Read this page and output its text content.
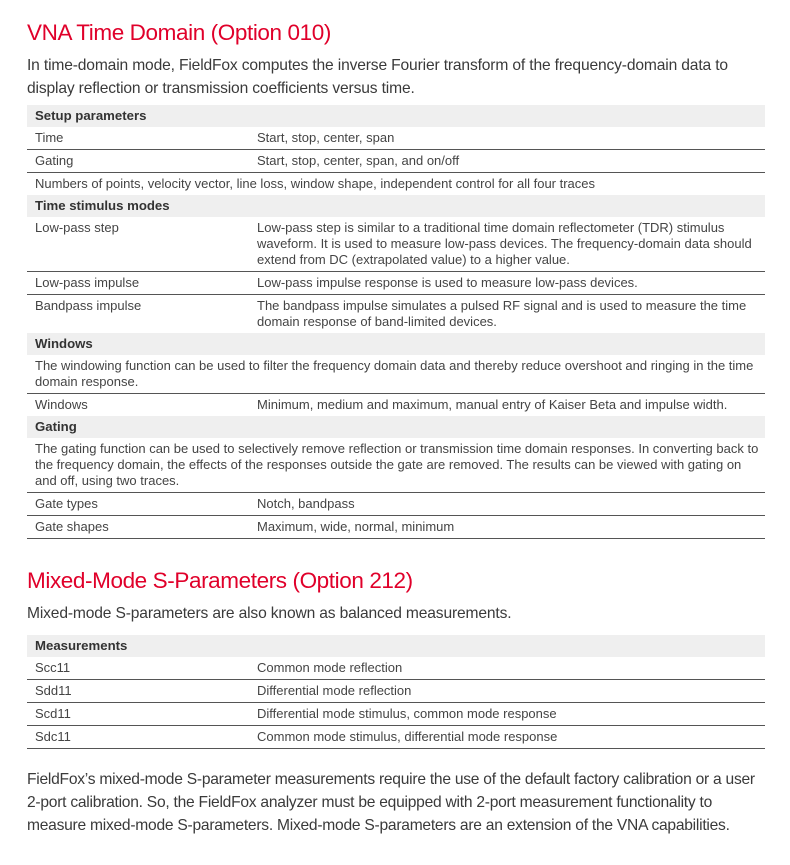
VNA Time Domain (Option 010)

In time-domain mode, FieldFox computes the inverse Fourier transform of the frequency-domain data to display reflection or transmission coefficients versus time.

Setup parameters	
Time	Start, stop, center, span
Gating	Start, stop, center, span, and on/off
Numbers of points, velocity vector, line loss, window shape, independent control for all four traces	
Time stimulus modes	
Low-pass step	Low-pass step is similar to a traditional time domain reflectometer (TDR) stimulus waveform. It is used to measure low-pass devices. The frequency-domain data should extend from DC (extrapolated value) to a higher value.
Low-pass impulse	Low-pass impulse response is used to measure low-pass devices.
Bandpass impulse	The bandpass impulse simulates a pulsed RF signal and is used to measure the time domain response of band-limited devices.
Windows	
The windowing function can be used to filter the frequency domain data and thereby reduce overshoot and ringing in the time domain response.	
Windows	Minimum, medium and maximum, manual entry of Kaiser Beta and impulse width.
Gating	
The gating function can be used to selectively remove reflection or transmission time domain responses. In converting back to the frequency domain, the effects of the responses outside the gate are removed. The results can be viewed with gating on and off, using two traces.	
Gate types	Notch, bandpass
Gate shapes	Maximum, wide, normal, minimum
Mixed-Mode S-Parameters (Option 212)

Mixed-mode S-parameters are also known as balanced measurements.

Measurements	
Scc11	Common mode reflection
Sdd11	Differential mode reflection
Scd11	Differential mode stimulus, common mode response
Sdc11	Common mode stimulus, differential mode response

FieldFox’s mixed-mode S-parameter measurements require the use of the default factory calibration or a user 2-port calibration. So, the FieldFox analyzer must be equipped with 2-port measurement functionality to measure mixed-mode S-parameters. Mixed-mode S-parameters are an extension of the VNA capabilities.
